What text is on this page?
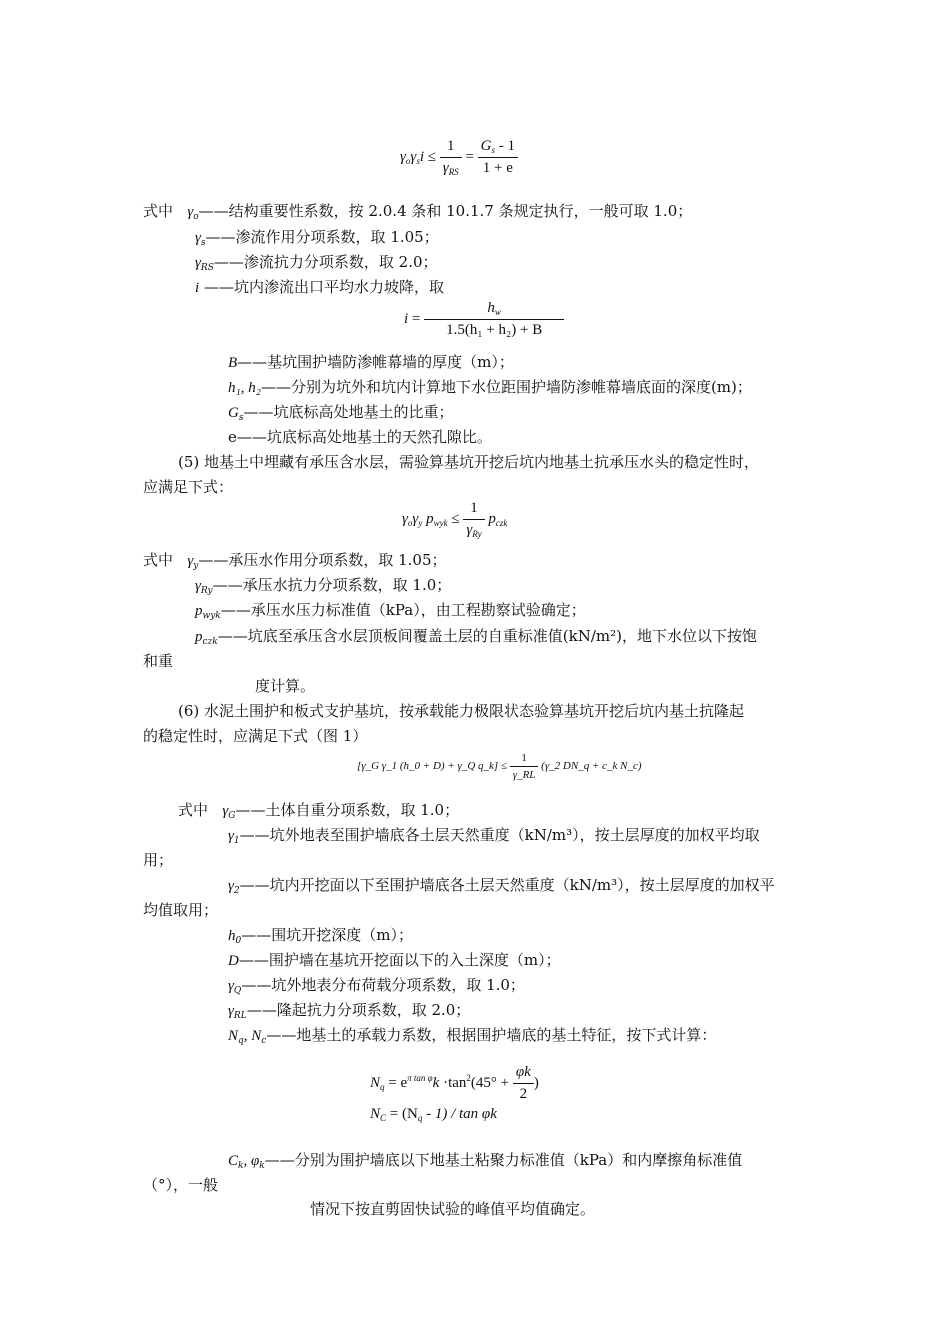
$\gamma_o\gamma_si \le \frac{1}{\gamma_{RS}} = \frac{G_s - 1}{1 + e}$
式中 $\gamma_o——$结构重要性系数，按 2.0.4 条和 10.1.7 条规定执行，一般可取 1.0；
$\gamma_s——$渗流作用分项系数，取 1.05；
$\gamma_{RS}——$渗流抗力分项系数，取 2.0；
i ——坑内渗流出口平均水力坡降，取
$i = \frac{h_w}{\text{1.5(h₁ + h₂) + B}}$
B——基坑围护墙防渗帷幕墙的厚度（m）；
h₁, h₂——分别为坑外和坑内计算地下水位距围护墙防渗帷幕墙底面的深度(m)；
$G_s——$坑底标高处地基土的比重；
e——坑底标高处地基土的天然孔隙比。
(5) 地基土中埋藏有承压含水层，需验算基坑开挖后坑内地基土抗承压水头的稳定性时，
应满足下式：
$\gamma_o\gamma_y$ $p_{wyk} \le \frac{1}{\gamma_{Ry}} p_{czk}$
式中 $\gamma_y——$承压水作用分项系数，取 1.05；
$\gamma_{Ry}——$承压水抗力分项系数，取 1.0；
$p_{wyk}——$承压水压力标准值（kPa），由工程勘察试验确定；
$p_{czk}——$坑底至承压含水层顶板间覆盖土层的自重标准值(kN/m²)，地下水位以下按饱
和重
度计算。
(6) 水泥土围护和板式支护基坑，按承载能力极限状态验算基坑开挖后坑内基土抗隆起
的稳定性时，应满足下式（图 1）
[γ_G γ_1 (h_0 + D) + γ_Q q_k] ≤ $\frac{1}{\gamma\_RL}$ (γ_2 DN_q + c_k N_c)
式中 $\gamma_G——$土体自重分项系数，取 1.0；
$\gamma_1——$坑外地表至围护墙底各土层天然重度（kN/m³），按土层厚度的加权平均取
用；
$\gamma_2——$坑内开挖面以下至围护墙底各土层天然重度（kN/m³），按土层厚度的加权平
均值取用；
$h_0——$围坑开挖深度（m）；
D——围护墙在基坑开挖面以下的入土深度（m）；
$\gamma_Q——$坑外地表分布荷载分项系数，取 1.0；
$\gamma_{RL}——$隆起抗力分项系数，取 2.0；
$N_q$, $N_c——$地基土的承载力系数，根据围护墙底的基土特征，按下式计算：
$N_q = e^{\pi tan \varphi}k \cdot\tan^2(45^\circ + \frac{\varphi k}{2}$ )
$N_C = (N_q - 1) / \tan \varphi k$
$C_k$, $\varphi_k——$分别为围护墙底以下地基土粘聚力标准值（kPa）和内摩擦角标准值
（°），一般
情况下按直剪固快试验的峰值平均值确定。
